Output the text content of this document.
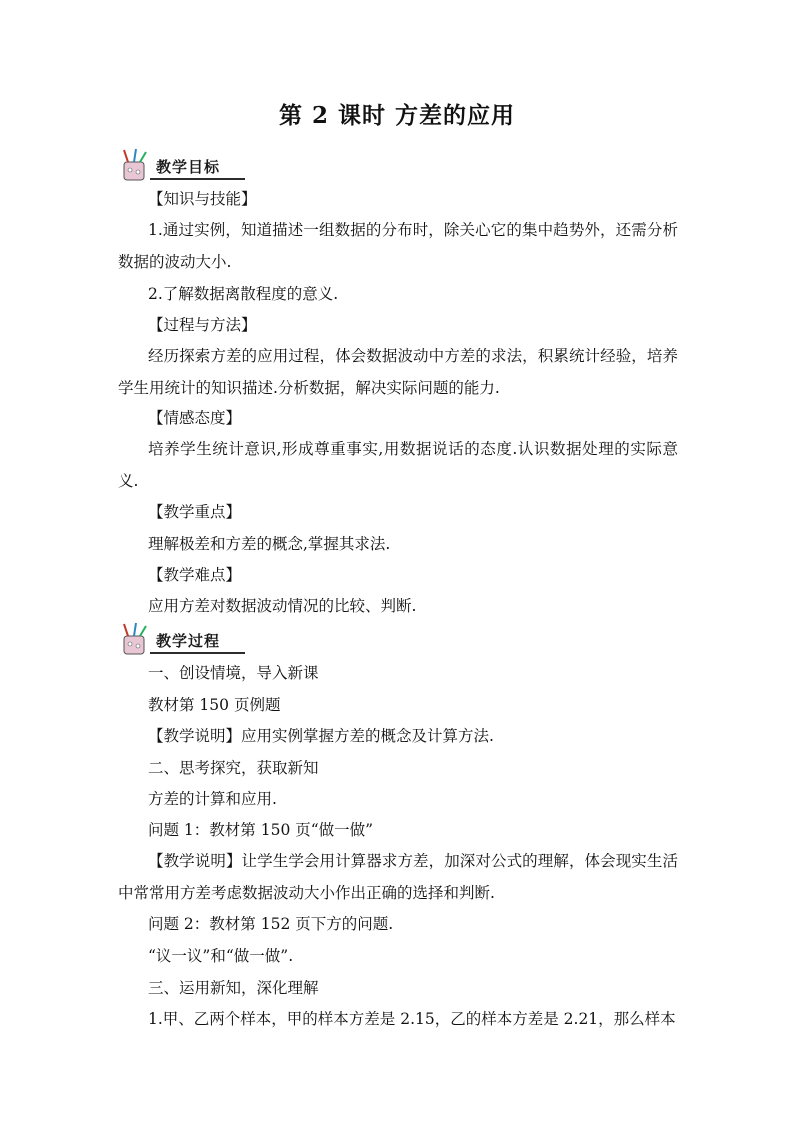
第 2 课时 方差的应用
教学目标
【知识与技能】
1.通过实例，知道描述一组数据的分布时，除关心它的集中趋势外，还需分析数据的波动大小.
2.了解数据离散程度的意义.
【过程与方法】
经历探索方差的应用过程，体会数据波动中方差的求法，积累统计经验，培养学生用统计的知识描述.分析数据，解决实际问题的能力.
【情感态度】
培养学生统计意识,形成尊重事实,用数据说话的态度.认识数据处理的实际意义.
【教学重点】
理解极差和方差的概念,掌握其求法.
【教学难点】
应用方差对数据波动情况的比较、判断.
教学过程
一、创设情境，导入新课
教材第 150 页例题
【教学说明】应用实例掌握方差的概念及计算方法.
二、思考探究，获取新知
方差的计算和应用.
问题 1：教材第 150 页“做一做”
【教学说明】让学生学会用计算器求方差，加深对公式的理解，体会现实生活中常常用方差考虑数据波动大小作出正确的选择和判断.
问题 2：教材第 152 页下方的问题.
“议一议”和“做一做”.
三、运用新知，深化理解
1.甲、乙两个样本，甲的样本方差是 2.15，乙的样本方差是 2.21，那么样本
